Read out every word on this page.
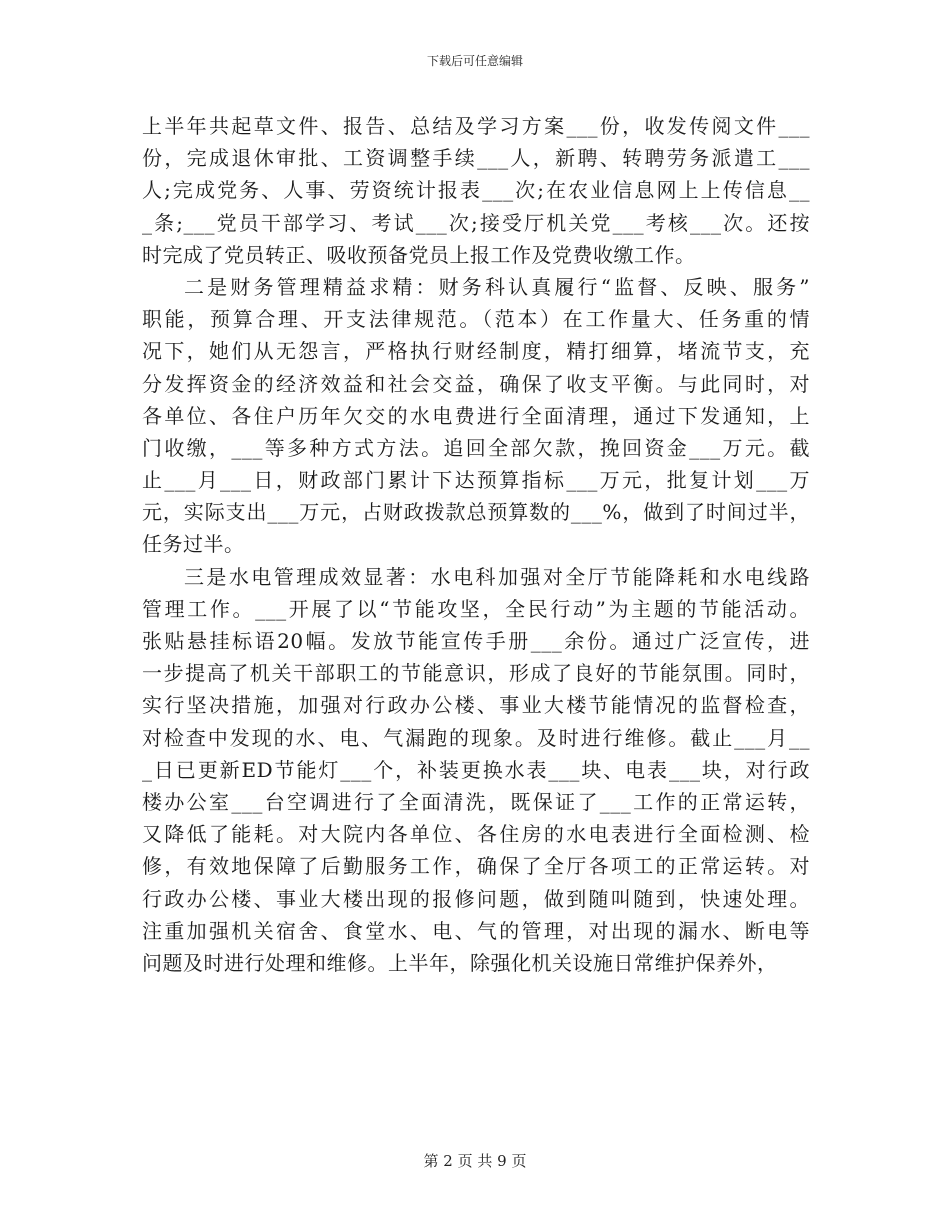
下载后可任意编辑
上半年共起草文件、报告、总结及学习方案___份，收发传阅文件___
份，完成退休审批、工资调整手续___人，新聘、转聘劳务派遣工___
人;完成党务、人事、劳资统计报表___次;在农业信息网上上传信息__
_条;___党员干部学习、考试___次;接受厅机关党___考核___次。还按
时完成了党员转正、吸收预备党员上报工作及党费收缴工作。
二是财务管理精益求精：财务科认真履行“监督、反映、服务”
职能，预算合理、开支法律规范。（范本）在工作量大、任务重的情
况下，她们从无怨言，严格执行财经制度，精打细算，堵流节支，充
分发挥资金的经济效益和社会交益，确保了收支平衡。与此同时，对
各单位、各住户历年欠交的水电费进行全面清理，通过下发通知，上
门收缴，___等多种方式方法。追回全部欠款，挽回资金___万元。截
止___月___日，财政部门累计下达预算指标___万元，批复计划___万
元，实际支出___万元，占财政拨款总预算数的___%，做到了时间过半，
任务过半。
三是水电管理成效显著：水电科加强对全厅节能降耗和水电线路
管理工作。___开展了以“节能攻坚，全民行动”为主题的节能活动。
张贴悬挂标语20幅。发放节能宣传手册___余份。通过广泛宣传，进
一步提高了机关干部职工的节能意识，形成了良好的节能氛围。同时，
实行坚决措施，加强对行政办公楼、事业大楼节能情况的监督检查，
对检查中发现的水、电、气漏跑的现象。及时进行维修。截止___月__
_日已更新ED节能灯___个，补装更换水表___块、电表___块，对行政
楼办公室___台空调进行了全面清洗，既保证了___工作的正常运转，
又降低了能耗。对大院内各单位、各住房的水电表进行全面检测、检
修，有效地保障了后勤服务工作，确保了全厅各项工的正常运转。对
行政办公楼、事业大楼出现的报修问题，做到随叫随到，快速处理。
注重加强机关宿舍、食堂水、电、气的管理，对出现的漏水、断电等
问题及时进行处理和维修。上半年，除强化机关设施日常维护保养外，
第 2 页 共 9 页
